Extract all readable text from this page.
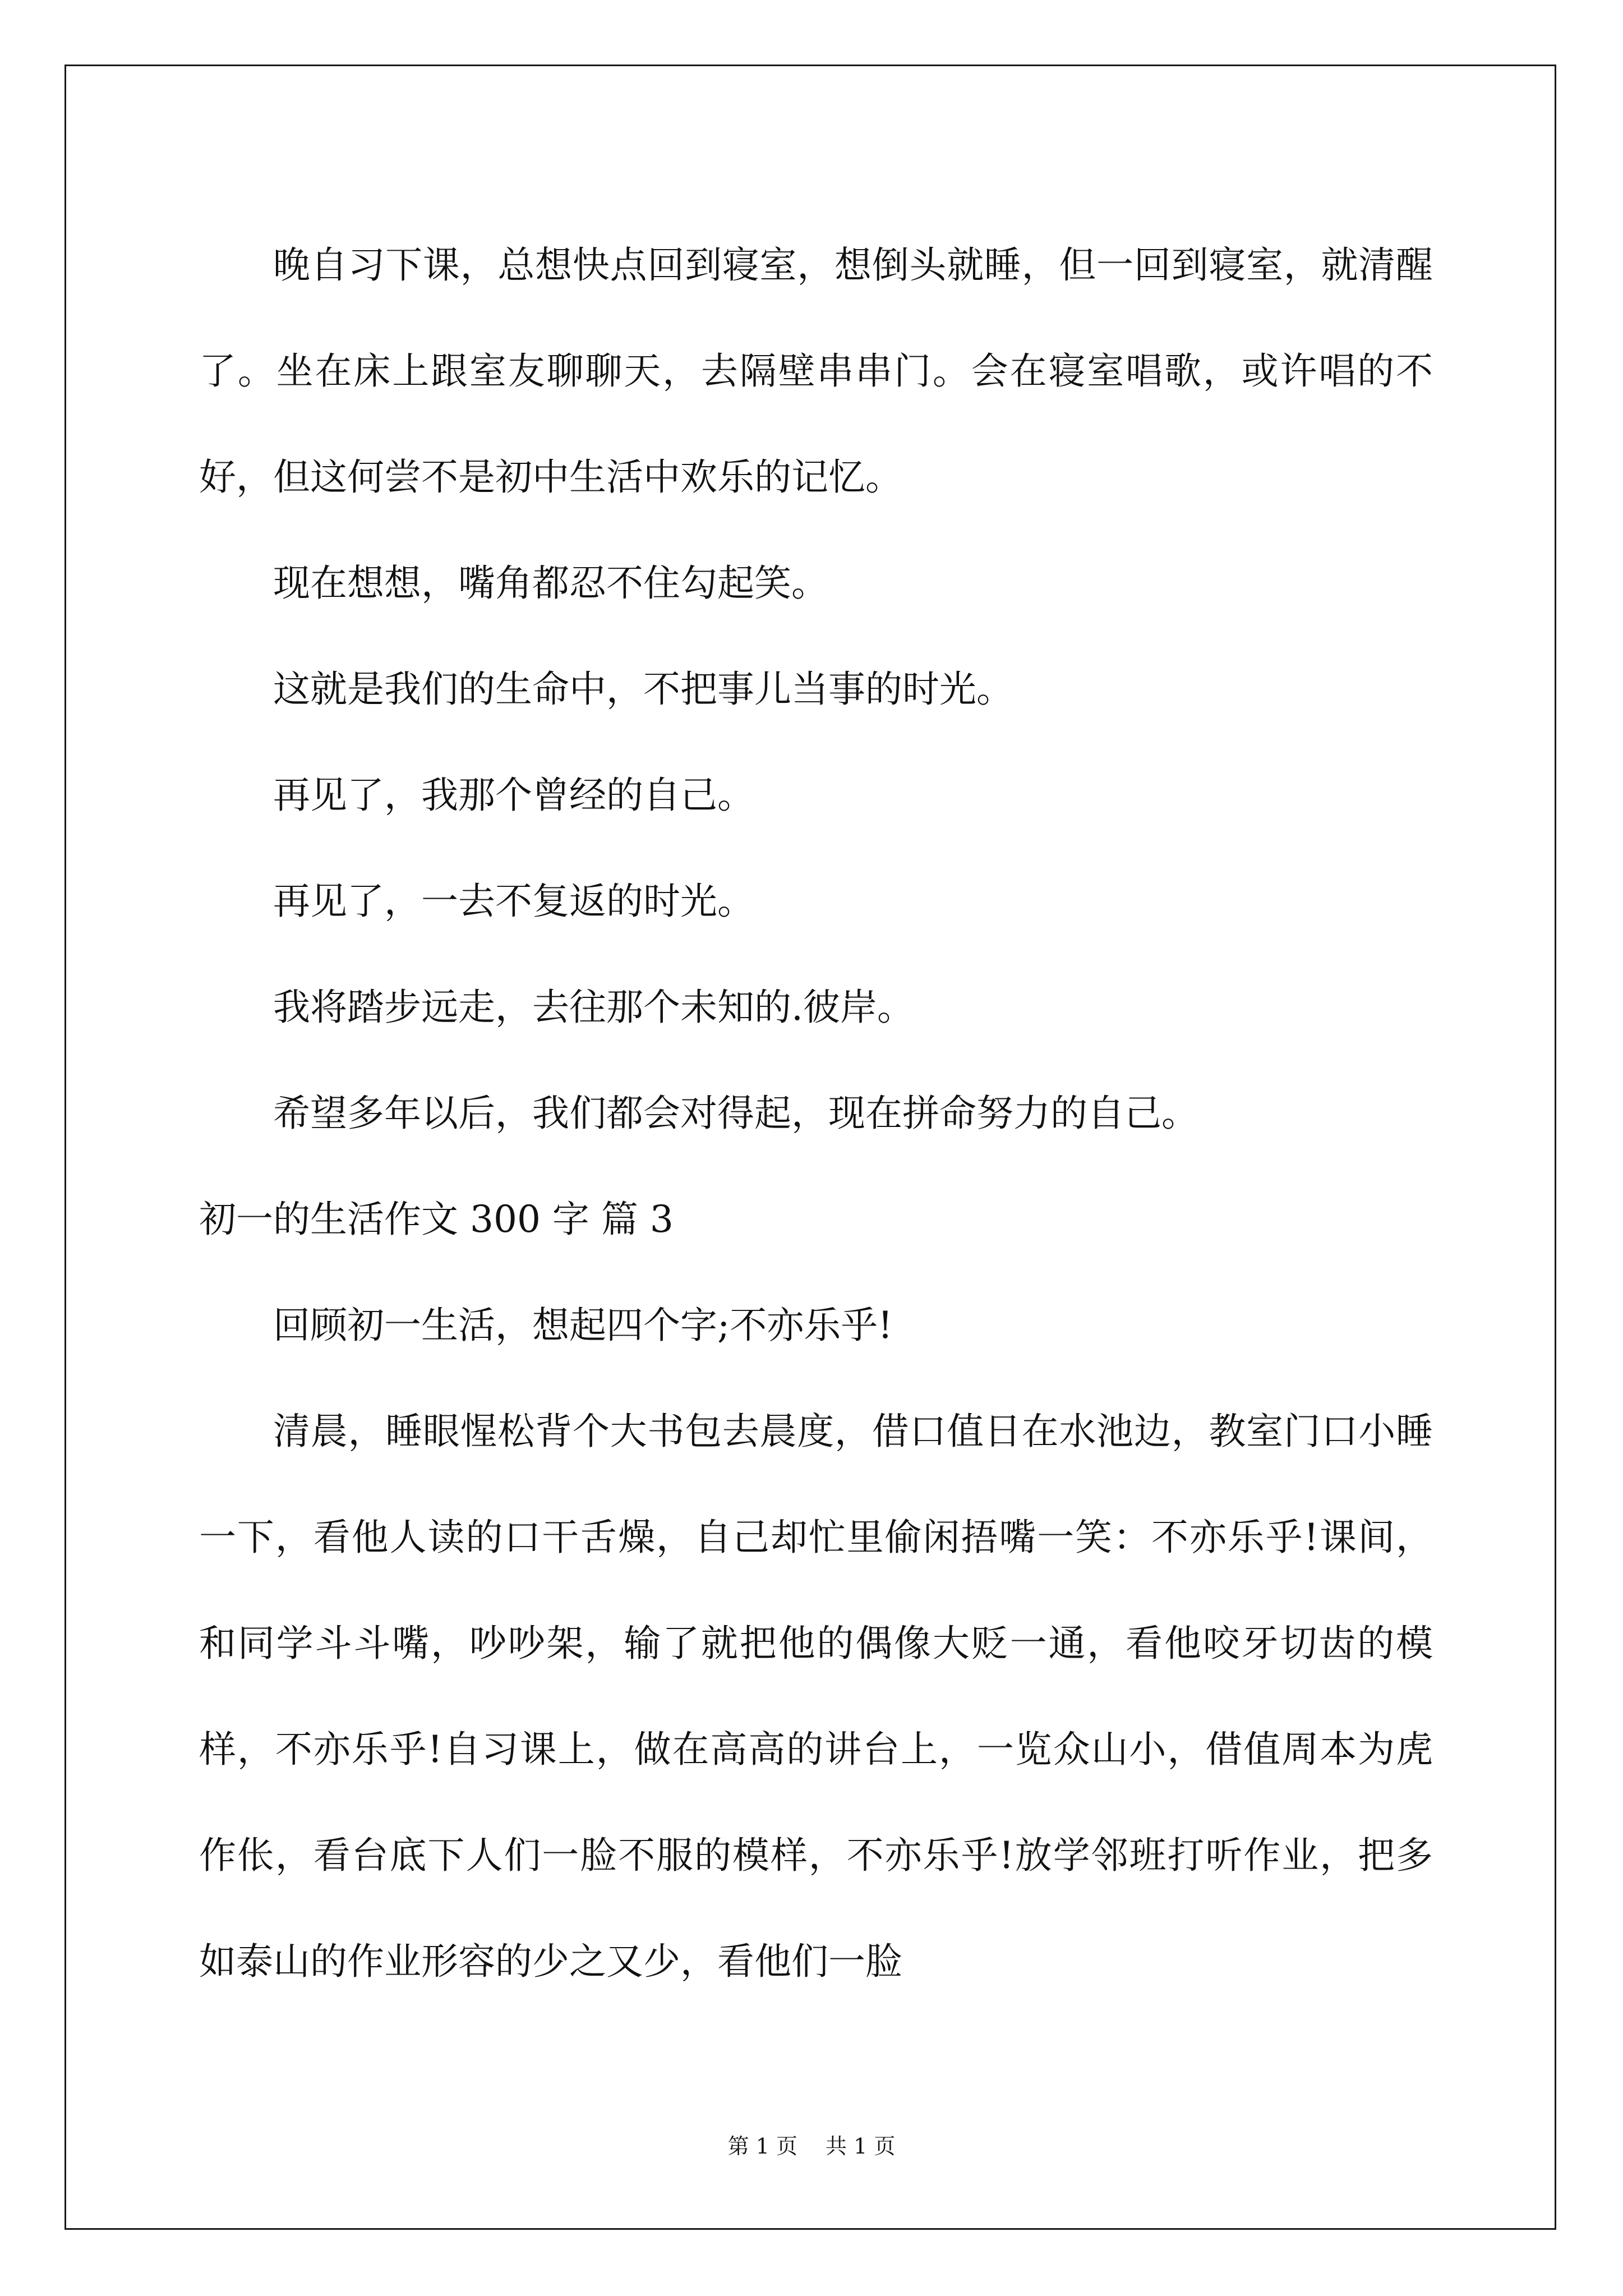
晚自习下课，总想快点回到寝室，想倒头就睡，但一回到寝室，就清醒了。坐在床上跟室友聊聊天，去隔壁串串门。会在寝室唱歌，或许唱的不好，但这何尝不是初中生活中欢乐的记忆。

现在想想，嘴角都忍不住勾起笑。

这就是我们的生命中，不把事儿当事的时光。

再见了，我那个曾经的自己。

再见了，一去不复返的时光。

我将踏步远走，去往那个未知的.彼岸。

希望多年以后，我们都会对得起，现在拼命努力的自己。

初一的生活作文 300 字 篇 3

回顾初一生活，想起四个字;不亦乐乎!

清晨，睡眼惺松背个大书包去晨度，借口值日在水池边，教室门口小睡一下，看他人读的口干舌燥，自己却忙里偷闲捂嘴一笑：不亦乐乎!课间，和同学斗斗嘴，吵吵架，输了就把他的偶像大贬一通，看他咬牙切齿的模样，不亦乐乎!自习课上，做在高高的讲台上，一览众山小，借值周本为虎作伥，看台底下人们一脸不服的模样，不亦乐乎!放学邻班打听作业，把多如泰山的作业形容的少之又少，看他们一脸

第 1 页 共 1 页
